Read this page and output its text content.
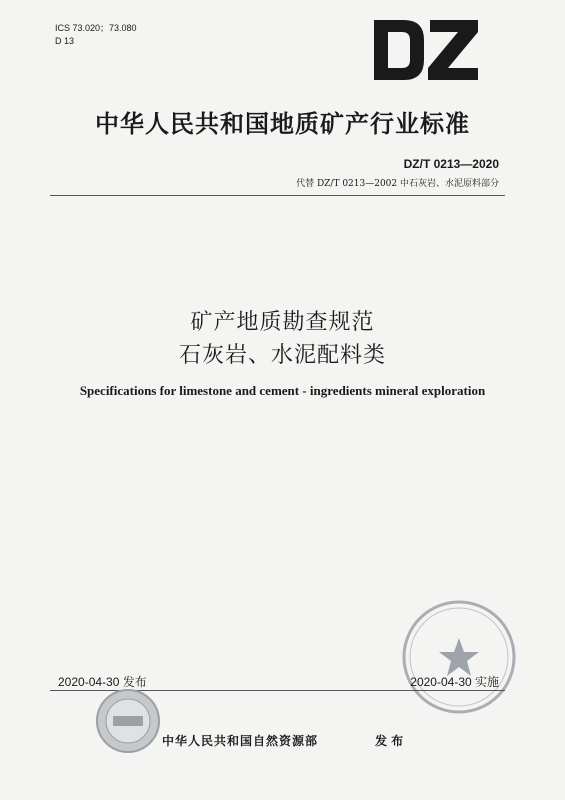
ICS 73.020；73.080
D 13
中华人民共和国地质矿产行业标准
DZ/T 0213—2020
代替 DZ/T 0213—2002 中石灰岩、水泥原料部分
矿产地质勘查规范
石灰岩、水泥配料类
Specifications for limestone and cement - ingredients mineral exploration
2020-04-30 发布	2020-04-30 实施
中华人民共和国自然资源部	发 布
